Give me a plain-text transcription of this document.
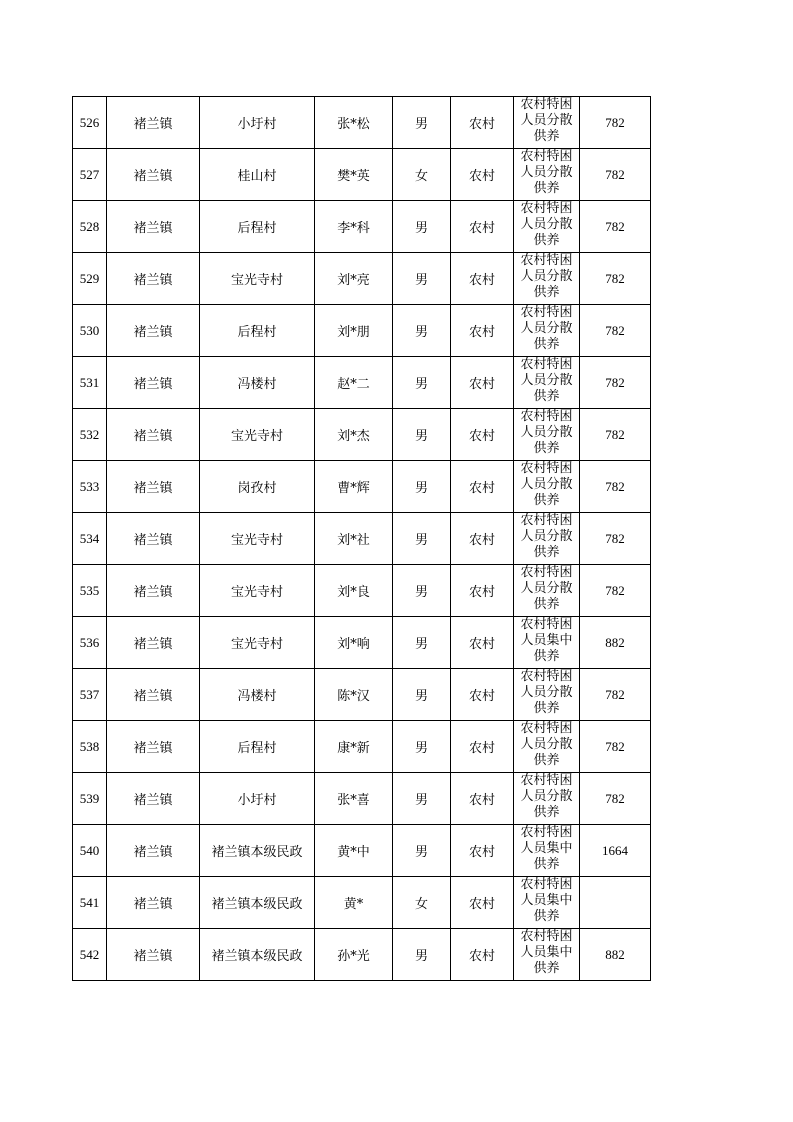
526	褚兰镇	小圩村	张*松	男	农村	农村特困人员分散供养	782
527	褚兰镇	桂山村	樊*英	女	农村	农村特困人员分散供养	782
528	褚兰镇	后程村	李*科	男	农村	农村特困人员分散供养	782
529	褚兰镇	宝光寺村	刘*亮	男	农村	农村特困人员分散供养	782
530	褚兰镇	后程村	刘*朋	男	农村	农村特困人员分散供养	782
531	褚兰镇	冯楼村	赵*二	男	农村	农村特困人员分散供养	782
532	褚兰镇	宝光寺村	刘*杰	男	农村	农村特困人员分散供养	782
533	褚兰镇	岗孜村	曹*辉	男	农村	农村特困人员分散供养	782
534	褚兰镇	宝光寺村	刘*社	男	农村	农村特困人员分散供养	782
535	褚兰镇	宝光寺村	刘*良	男	农村	农村特困人员分散供养	782
536	褚兰镇	宝光寺村	刘*响	男	农村	农村特困人员集中供养	882
537	褚兰镇	冯楼村	陈*汉	男	农村	农村特困人员分散供养	782
538	褚兰镇	后程村	康*新	男	农村	农村特困人员分散供养	782
539	褚兰镇	小圩村	张*喜	男	农村	农村特困人员分散供养	782
540	褚兰镇	褚兰镇本级民政	黄*中	男	农村	农村特困人员集中供养	1664
541	褚兰镇	褚兰镇本级民政	黄*	女	农村	农村特困人员集中供养	

542	褚兰镇	褚兰镇本级民政	孙*光	男	农村	农村特困人员集中供养	882
